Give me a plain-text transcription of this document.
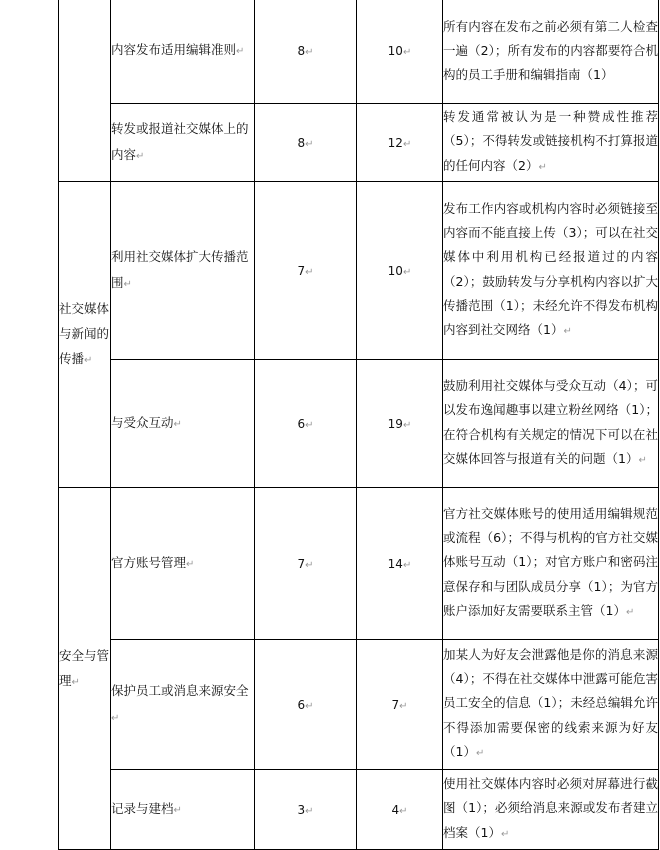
	内容发布适用编辑准则↵	8↵	10↵	所有内容在发布之前必须有第二人检查一遍（2）；所有发布的内容都要符合机构的员工手册和编辑指南（1）
	转发或报道社交媒体上的内容↵	8↵	12↵	转发通常被认为是一种赞成性推荐（5）；不得转发或链接机构不打算报道的任何内容（2）↵
社交媒体与新闻的传播↵	利用社交媒体扩大传播范围↵	7↵	10↵	发布工作内容或机构内容时必须链接至内容而不能直接上传（3）；可以在社交媒体中利用机构已经报道过的内容（2）；鼓励转发与分享机构内容以扩大传播范围（1）；未经允许不得发布机构内容到社交网络（1）↵
	与受众互动↵	6↵	19↵	鼓励利用社交媒体与受众互动（4）；可以发布逸闻趣事以建立粉丝网络（1）；在符合机构有关规定的情况下可以在社交媒体回答与报道有关的问题（1）↵
安全与管理↵	官方账号管理↵	7↵	14↵	官方社交媒体账号的使用适用编辑规范或流程（6）；不得与机构的官方社交媒体账号互动（1）；对官方账户和密码注意保存和与团队成员分享（1）；为官方账户添加好友需要联系主管（1）↵
	保护员工或消息来源安全↵	6↵	7↵	加某人为好友会泄露他是你的消息来源（4）；不得在社交媒体中泄露可能危害员工安全的信息（1）；未经总编辑允许不得添加需要保密的线索来源为好友（1）↵
	记录与建档↵	3↵	4↵	使用社交媒体内容时必须对屏幕进行截图（1）；必须给消息来源或发布者建立档案（1）↵
